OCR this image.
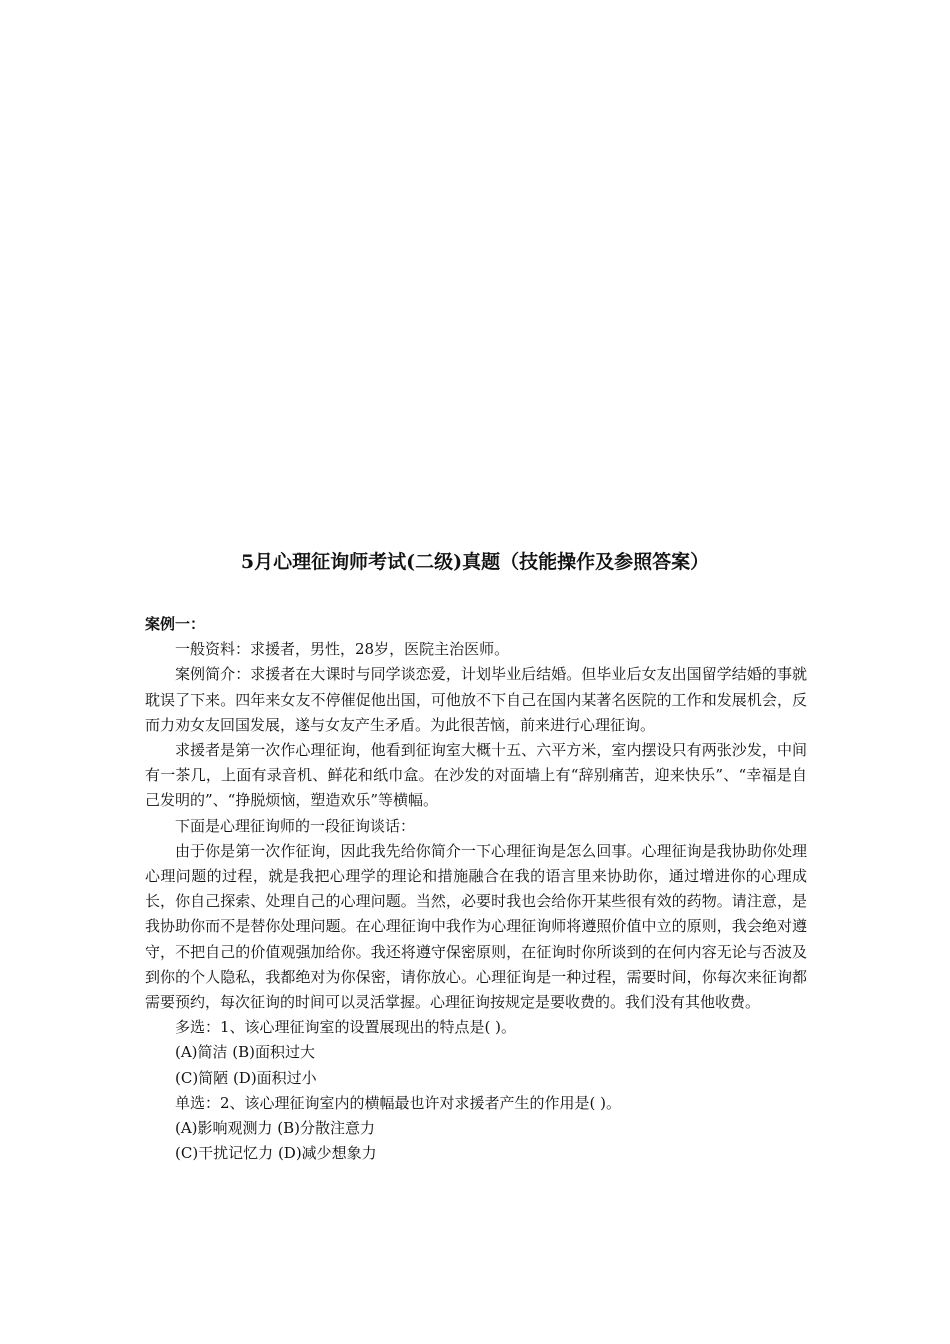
5月心理征询师考试(二级)真题（技能操作及参照答案）

案例一：

一般资料：求援者，男性，28岁，医院主治医师。

案例简介：求援者在大课时与同学谈恋爱，计划毕业后结婚。但毕业后女友出国留学结婚的事就耽误了下来。四年来女友不停催促他出国，可他放不下自己在国内某著名医院的工作和发展机会，反而力劝女友回国发展，遂与女友产生矛盾。为此很苦恼，前来进行心理征询。

求援者是第一次作心理征询，他看到征询室大概十五、六平方米，室内摆设只有两张沙发，中间有一茶几，上面有录音机、鲜花和纸巾盒。在沙发的对面墙上有“辞别痛苦，迎来快乐”、“幸福是自己发明的”、“挣脱烦恼，塑造欢乐”等横幅。

下面是心理征询师的一段征询谈话：

由于你是第一次作征询，因此我先给你简介一下心理征询是怎么回事。心理征询是我协助你处理心理问题的过程，就是我把心理学的理论和措施融合在我的语言里来协助你，通过增进你的心理成长，你自己探索、处理自己的心理问题。当然，必要时我也会给你开某些很有效的药物。请注意，是我协助你而不是替你处理问题。在心理征询中我作为心理征询师将遵照价值中立的原则，我会绝对遵守，不把自己的价值观强加给你。我还将遵守保密原则，在征询时你所谈到的在何内容无论与否波及到你的个人隐私，我都绝对为你保密，请你放心。心理征询是一种过程，需要时间，你每次来征询都需要预约，每次征询的时间可以灵活掌握。心理征询按规定是要收费的。我们没有其他收费。

多选：1、该心理征询室的设置展现出的特点是( )。

(A)简洁 (B)面积过大

(C)简陋 (D)面积过小

单选：2、该心理征询室内的横幅最也许对求援者产生的作用是( )。

(A)影响观测力 (B)分散注意力

(C)干扰记忆力 (D)减少想象力
